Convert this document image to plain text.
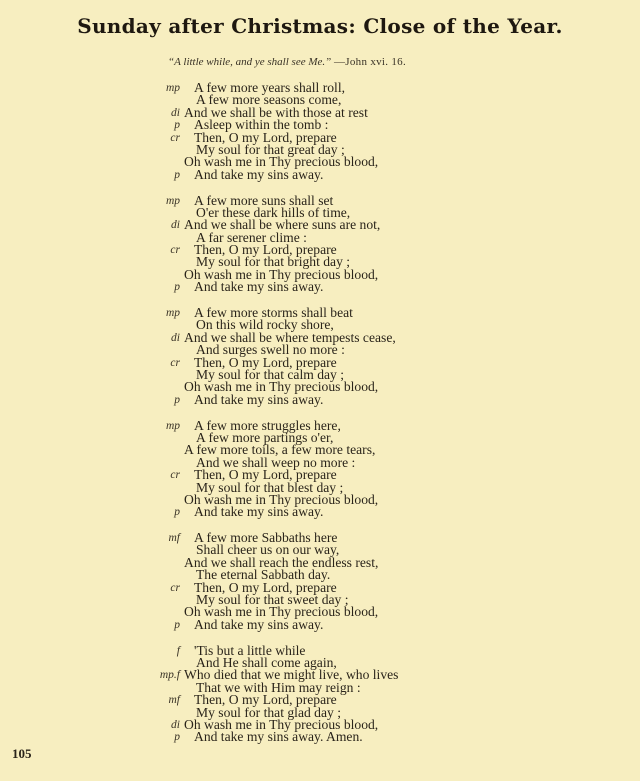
Sunday after Christmas: Close of the Year.
“A little while, and ye shall see Me.” —John xvi. 16.
mp A few more years shall roll,
A few more seasons come,
di And we shall be with those at rest
p Asleep within the tomb :
cr Then, O my Lord, prepare
My soul for that great day ;
Oh wash me in Thy precious blood,
p And take my sins away.
mp A few more suns shall set
O'er these dark hills of time,
di And we shall be where suns are not,
A far serener clime :
cr Then, O my Lord, prepare
My soul for that bright day ;
Oh wash me in Thy precious blood,
p And take my sins away.
mp A few more storms shall beat
On this wild rocky shore,
di And we shall be where tempests cease,
And surges swell no more :
cr Then, O my Lord, prepare
My soul for that calm day ;
Oh wash me in Thy precious blood,
p And take my sins away.
mp A few more struggles here,
A few more partings o'er,
A few more toils, a few more tears,
And we shall weep no more :
cr Then, O my Lord, prepare
My soul for that blest day ;
Oh wash me in Thy precious blood,
p And take my sins away.
mf A few more Sabbaths here
Shall cheer us on our way,
And we shall reach the endless rest,
The eternal Sabbath day.
cr Then, O my Lord, prepare
My soul for that sweet day ;
Oh wash me in Thy precious blood,
p And take my sins away.
f 'Tis but a little while
And He shall come again,
mp.f Who died that we might live, who lives
That we with Him may reign :
mf Then, O my Lord, prepare
My soul for that glad day ;
di Oh wash me in Thy precious blood,
p And take my sins away. Amen.
105
